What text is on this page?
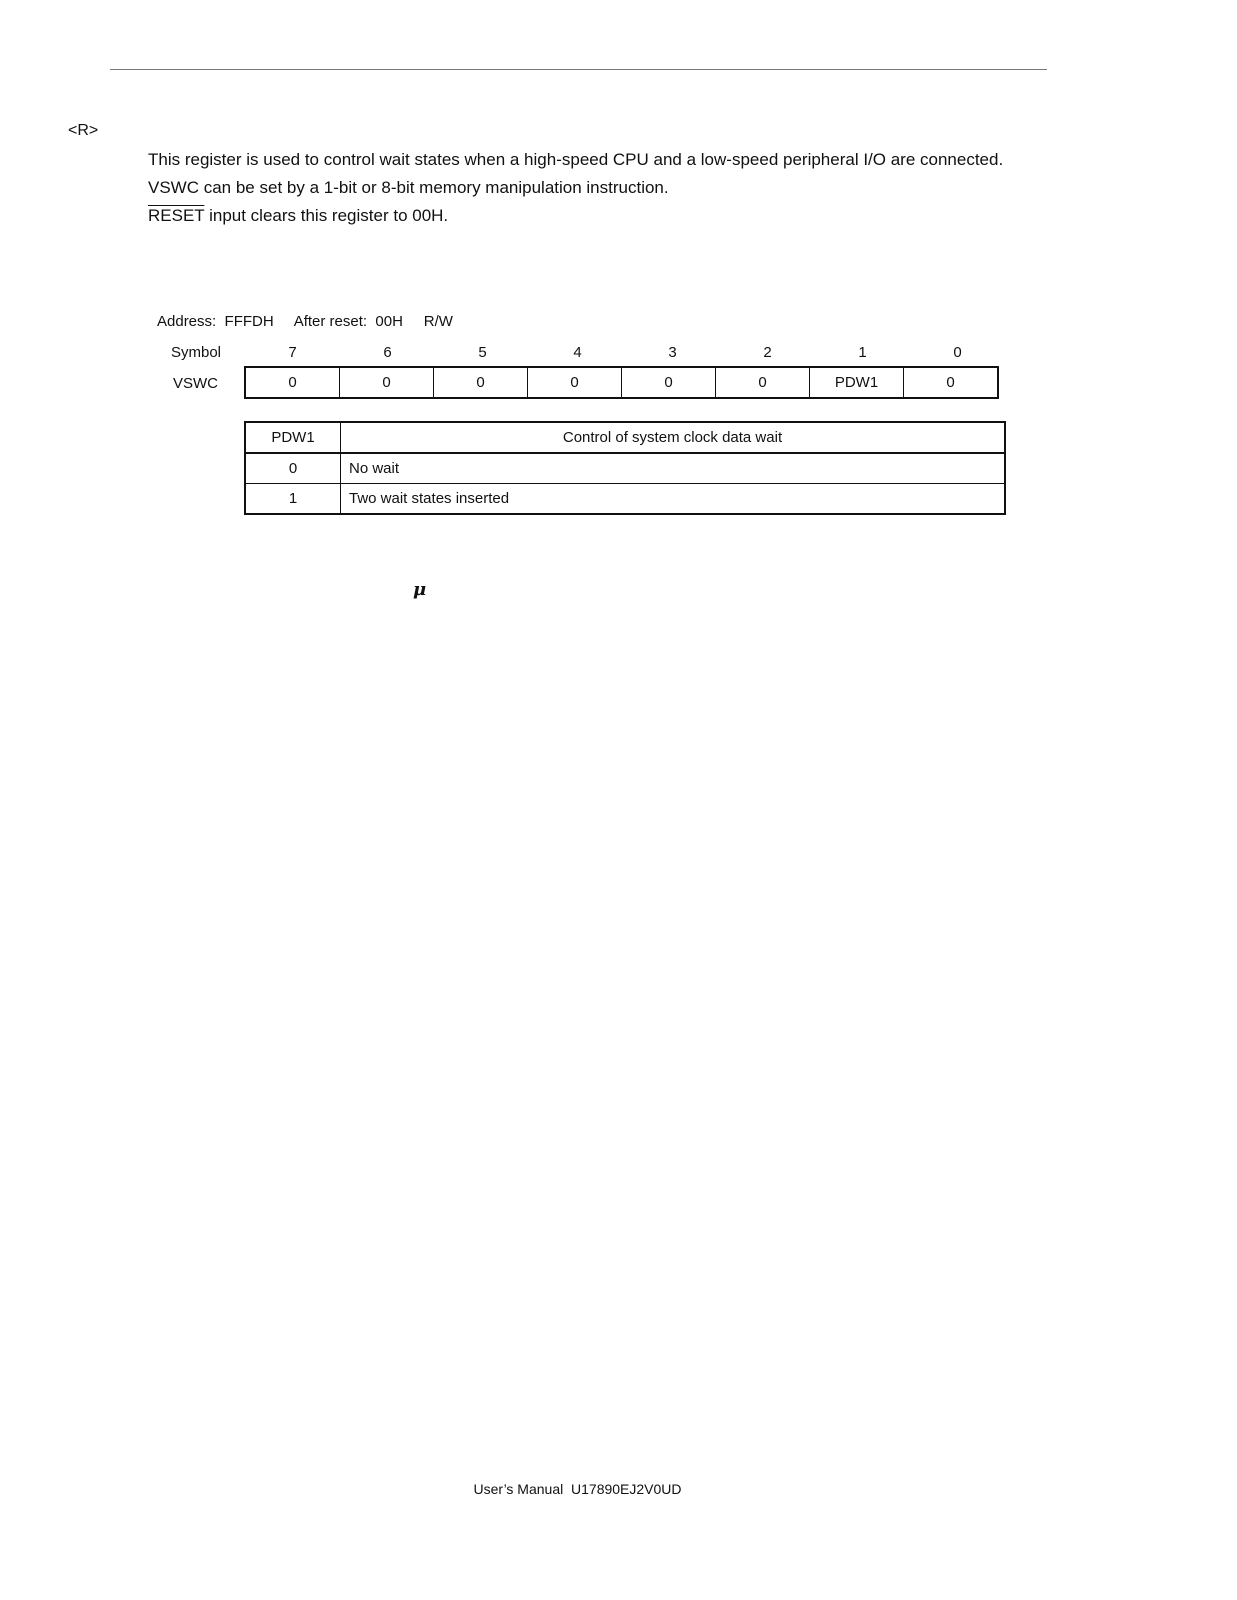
<R>
This register is used to control wait states when a high-speed CPU and a low-speed peripheral I/O are connected.
VSWC can be set by a 1-bit or 8-bit memory manipulation instruction.
RESET input clears this register to 00H.
Address:  FFFDH After reset:  00H R/W
Symbol	7	6	5	4	3	2	1	0
VSWC	0	0	0	0	0	0	PDW1	0
PDW1	Control of system clock data wait
0	No wait
1	Two wait states inserted
μ
User’s Manual  U17890EJ2V0UD
